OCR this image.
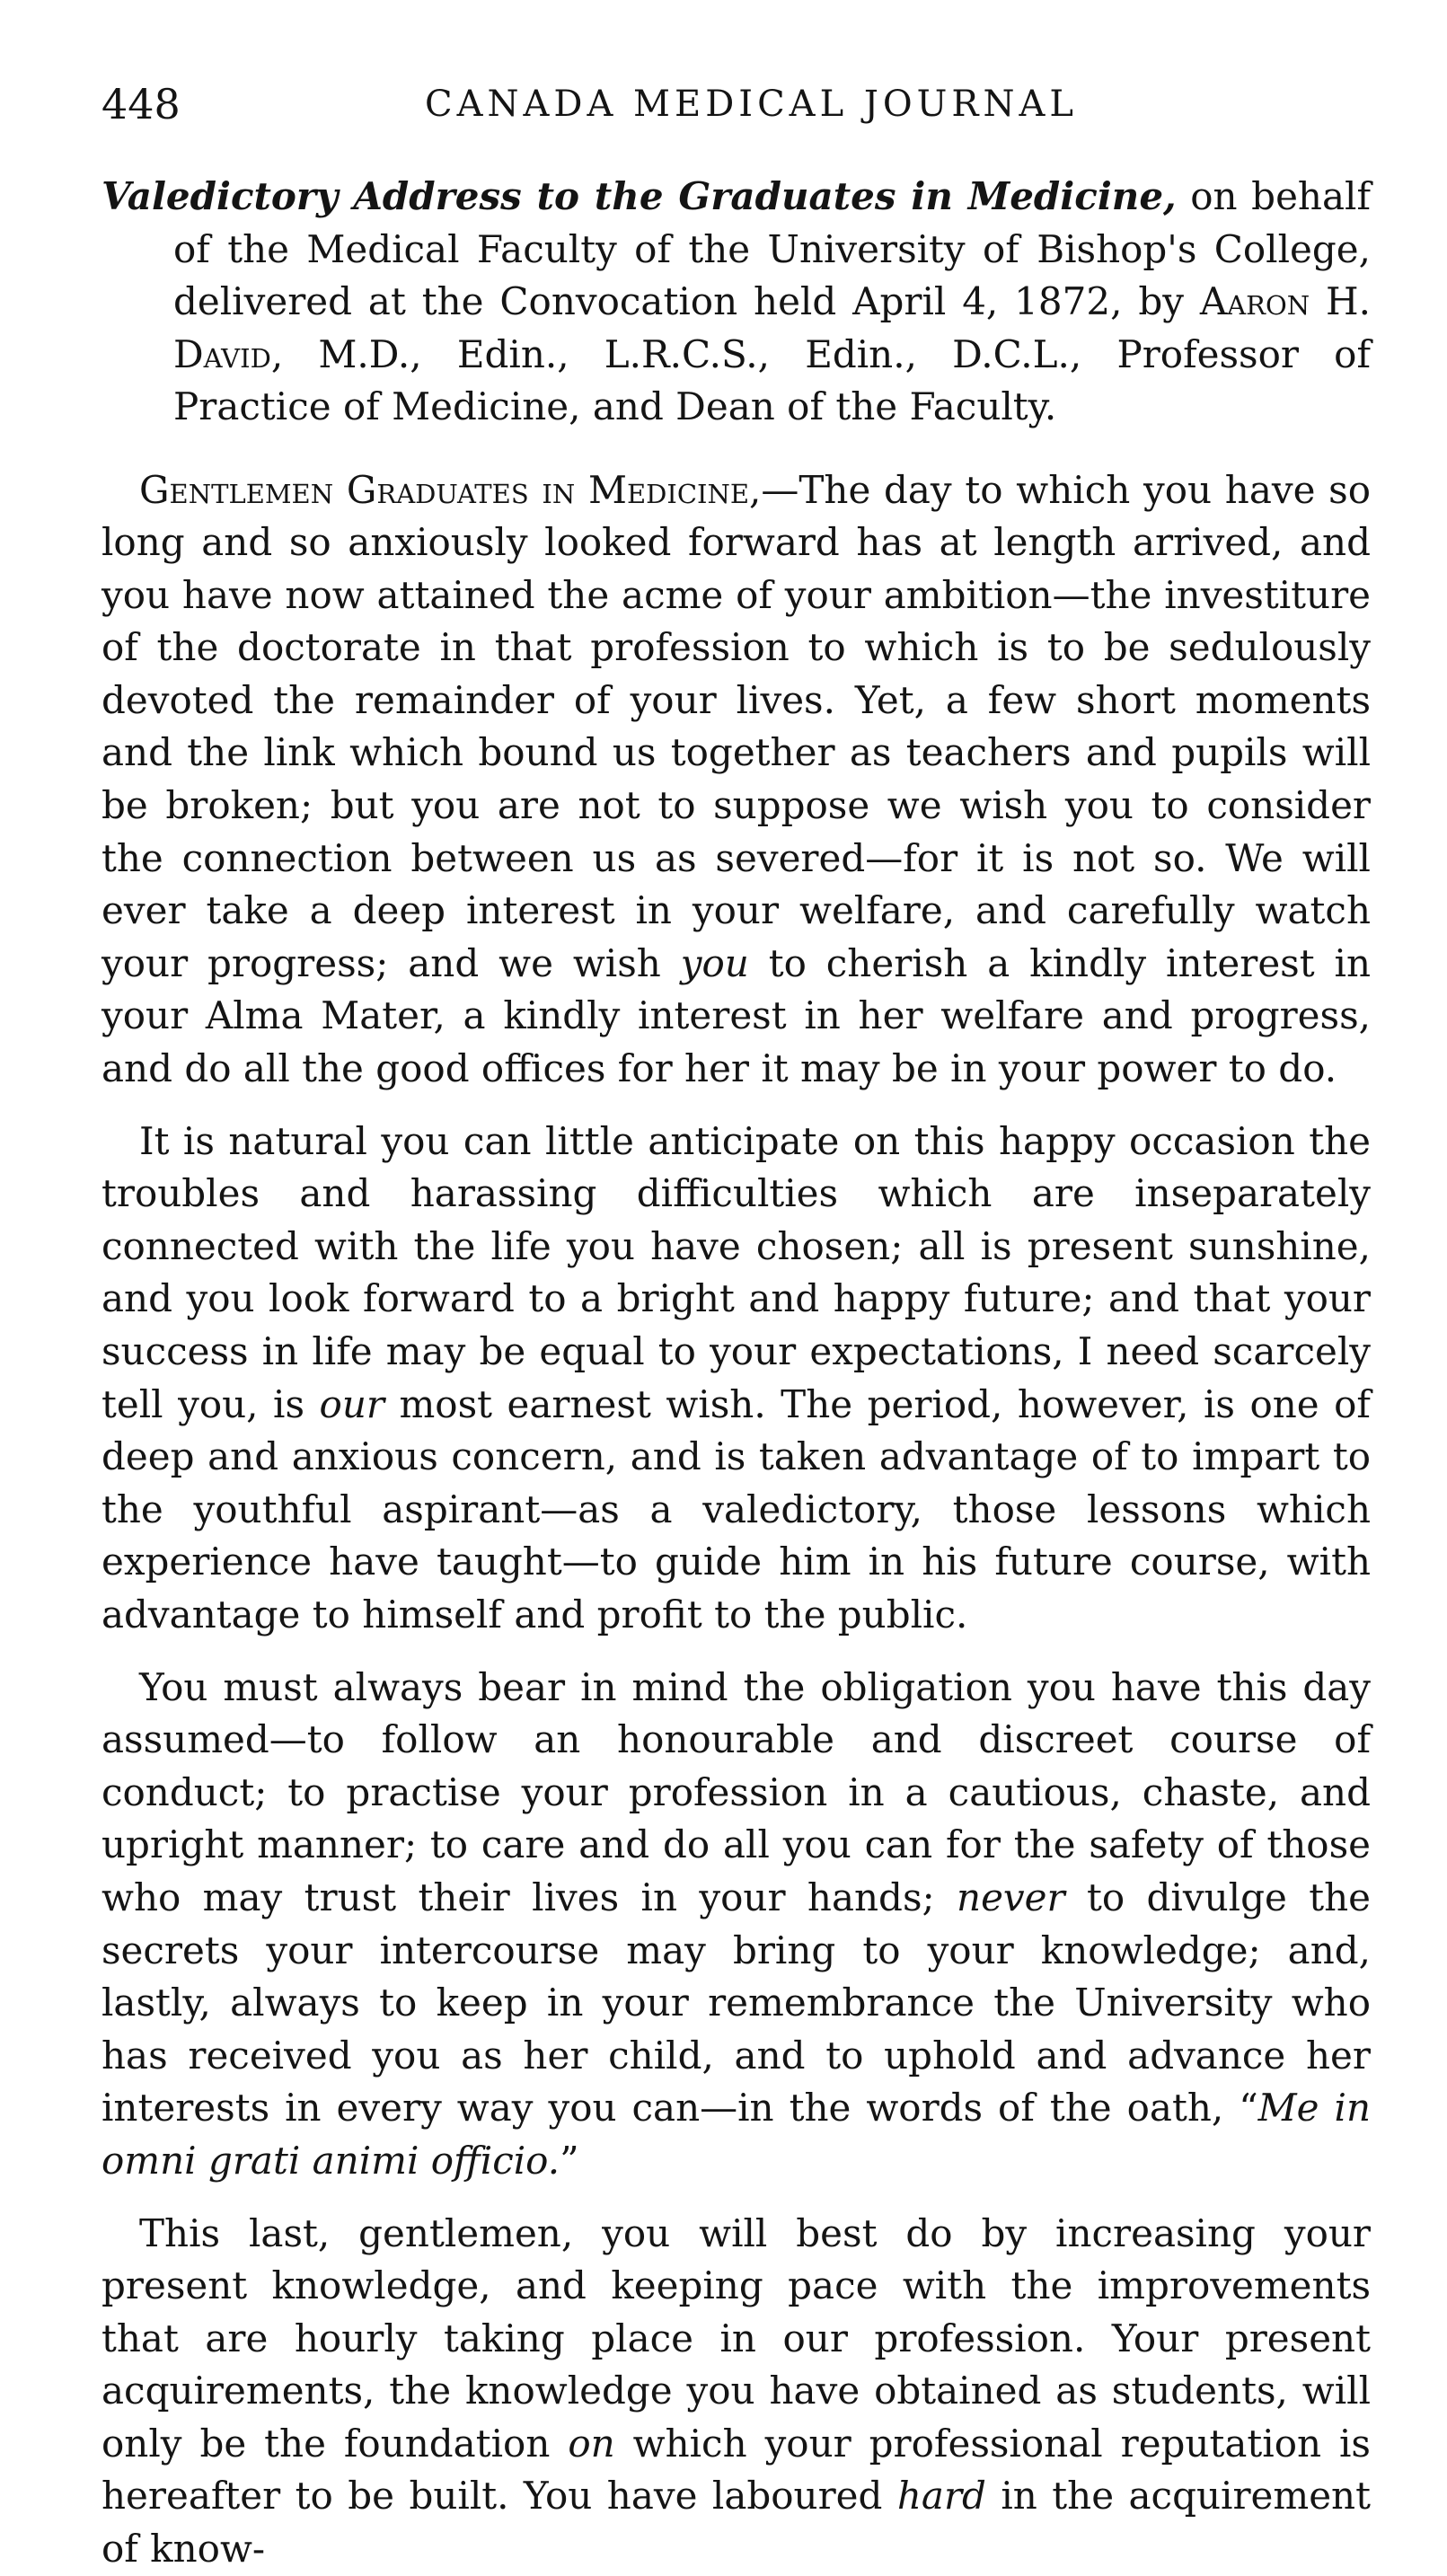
448	CANADA MEDICAL JOURNAL
Valedictory Address to the Graduates in Medicine, on behalf of the Medical Faculty of the University of Bishop's College, delivered at the Convocation held April 4, 1872, by Aaron H. David, M.D., Edin., L.R.C.S., Edin., D.C.L., Professor of Practice of Medicine, and Dean of the Faculty.

Gentlemen Graduates in Medicine,—The day to which you have so long and so anxiously looked forward has at length arrived, and you have now attained the acme of your ambition—the investiture of the doctorate in that profession to which is to be sedulously devoted the remainder of your lives. Yet, a few short moments and the link which bound us together as teachers and pupils will be broken; but you are not to suppose we wish you to consider the connection between us as severed—for it is not so. We will ever take a deep interest in your welfare, and carefully watch your progress; and we wish you to cherish a kindly interest in your Alma Mater, a kindly interest in her welfare and progress, and do all the good offices for her it may be in your power to do.

It is natural you can little anticipate on this happy occasion the troubles and harassing difficulties which are inseparately connected with the life you have chosen; all is present sunshine, and you look forward to a bright and happy future; and that your success in life may be equal to your expectations, I need scarcely tell you, is our most earnest wish. The period, however, is one of deep and anxious concern, and is taken advantage of to impart to the youthful aspirant—as a valedictory, those lessons which experience have taught—to guide him in his future course, with advantage to himself and profit to the public.

You must always bear in mind the obligation you have this day assumed—to follow an honourable and discreet course of conduct; to practise your profession in a cautious, chaste, and upright manner; to care and do all you can for the safety of those who may trust their lives in your hands; never to divulge the secrets your intercourse may bring to your knowledge; and, lastly, always to keep in your remembrance the University who has received you as her child, and to uphold and advance her interests in every way you can—in the words of the oath, “Me in omni grati animi officio.”

This last, gentlemen, you will best do by increasing your present knowledge, and keeping pace with the improvements that are hourly taking place in our profession. Your present acquirements, the knowledge you have obtained as students, will only be the foundation on which your professional reputation is hereafter to be built. You have laboured hard in the acquirement of know-
